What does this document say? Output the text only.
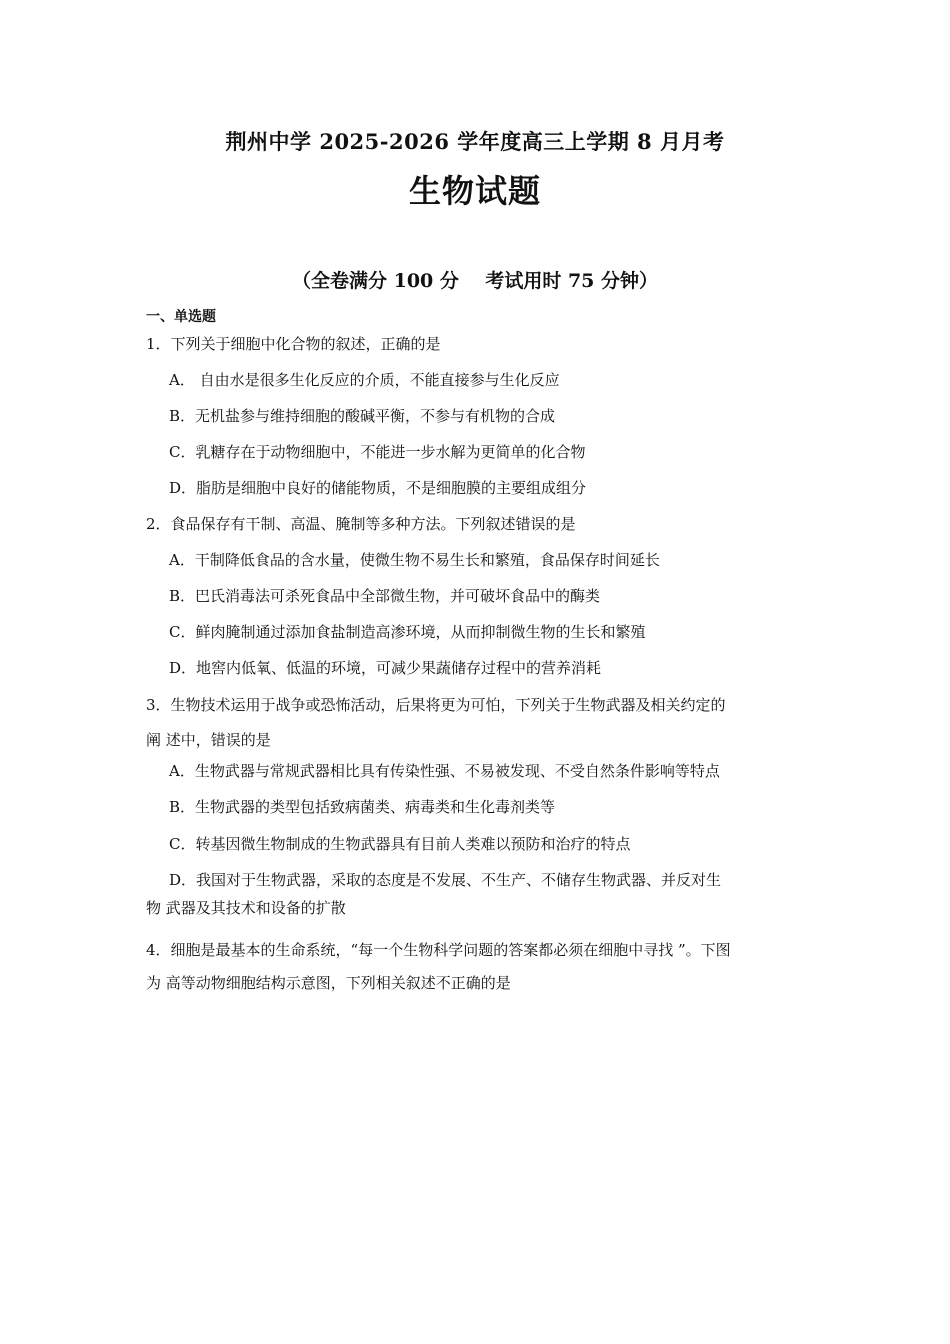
荆州中学 2025-2026 学年度高三上学期 8 月月考
生物试题
（全卷满分 100 分    考试用时 75 分钟）
一、单选题
1．下列关于细胞中化合物的叙述，正确的是
A． 自由水是很多生化反应的介质，不能直接参与生化反应
B．无机盐参与维持细胞的酸碱平衡，不参与有机物的合成
C．乳糖存在于动物细胞中，不能进一步水解为更简单的化合物
D．脂肪是细胞中良好的储能物质，不是细胞膜的主要组成组分
2．食品保存有干制、高温、腌制等多种方法。下列叙述错误的是
A．干制降低食品的含水量，使微生物不易生长和繁殖，食品保存时间延长
B．巴氏消毒法可杀死食品中全部微生物，并可破坏食品中的酶类
C．鲜肉腌制通过添加食盐制造高渗环境，从而抑制微生物的生长和繁殖
D．地窖内低氧、低温的环境，可减少果蔬储存过程中的营养消耗
3．生物技术运用于战争或恐怖活动，后果将更为可怕，下列关于生物武器及相关约定的
阐 述中，错误的是
A．生物武器与常规武器相比具有传染性强、不易被发现、不受自然条件影响等特点
B．生物武器的类型包括致病菌类、病毒类和生化毒剂类等
C．转基因微生物制成的生物武器具有目前人类难以预防和治疗的特点
D．我国对于生物武器，采取的态度是不发展、不生产、不储存生物武器、并反对生
物 武器及其技术和设备的扩散
4．细胞是最基本的生命系统，“每一个生物科学问题的答案都必须在细胞中寻找 ”。下图
为 高等动物细胞结构示意图，下列相关叙述不正确的是
